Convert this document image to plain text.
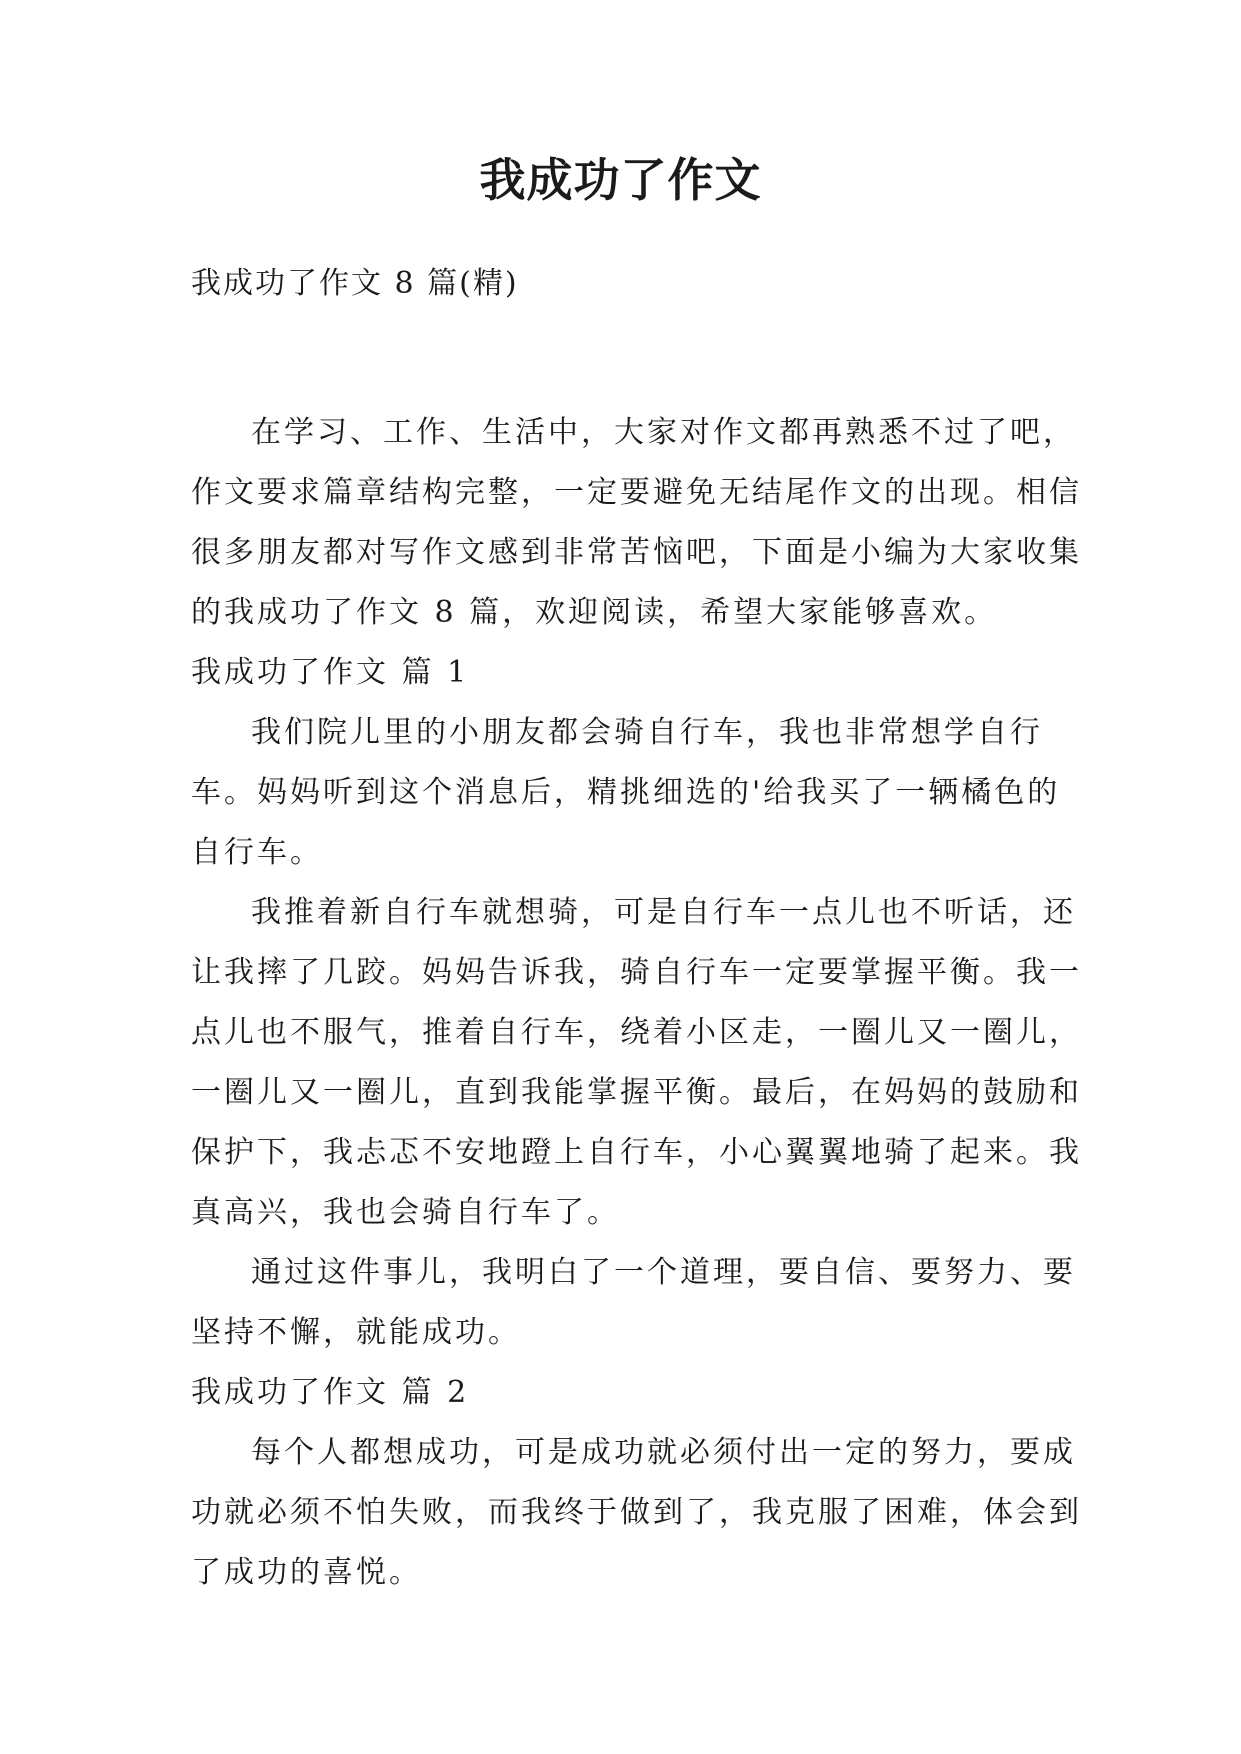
我成功了作文
我成功了作文 8 篇(精)

在学习、工作、生活中，大家对作文都再熟悉不过了吧，作文要求篇章结构完整，一定要避免无结尾作文的出现。相信很多朋友都对写作文感到非常苦恼吧，下面是小编为大家收集的我成功了作文 8 篇，欢迎阅读，希望大家能够喜欢。

我成功了作文 篇 1

我们院儿里的小朋友都会骑自行车，我也非常想学自行车。妈妈听到这个消息后，精挑细选的'给我买了一辆橘色的自行车。

我推着新自行车就想骑，可是自行车一点儿也不听话，还让我摔了几跤。妈妈告诉我，骑自行车一定要掌握平衡。我一点儿也不服气，推着自行车，绕着小区走，一圈儿又一圈儿，一圈儿又一圈儿，直到我能掌握平衡。最后，在妈妈的鼓励和保护下，我忐忑不安地蹬上自行车，小心翼翼地骑了起来。我真高兴，我也会骑自行车了。

通过这件事儿，我明白了一个道理，要自信、要努力、要坚持不懈，就能成功。

我成功了作文 篇 2

每个人都想成功，可是成功就必须付出一定的努力，要成功就必须不怕失败，而我终于做到了，我克服了困难，体会到了成功的喜悦。
